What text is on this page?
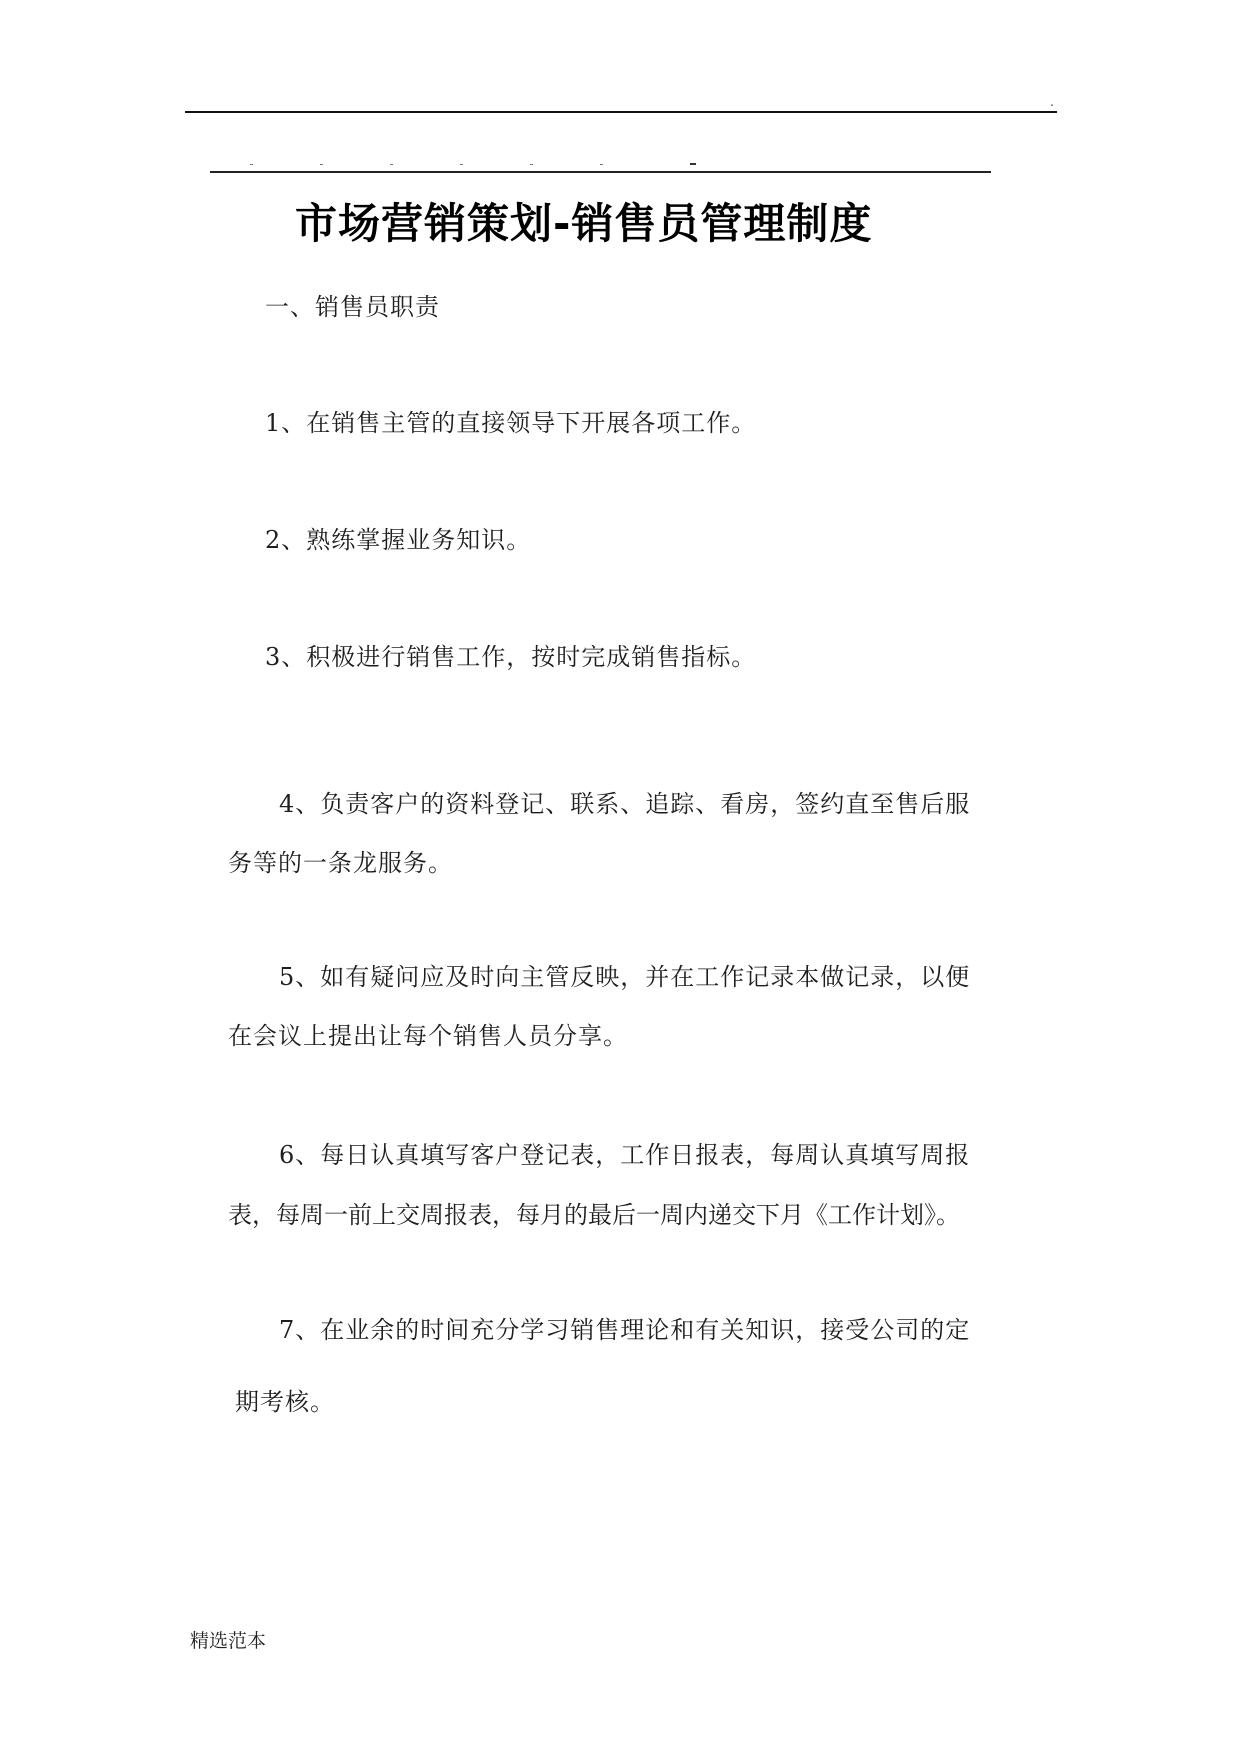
.
市场营销策划-销售员管理制度
一、销售员职责
1、在销售主管的直接领导下开展各项工作。
2、熟练掌握业务知识。
3、积极进行销售工作，按时完成销售指标。
4、负责客户的资料登记、联系、追踪、看房，签约直至售后服
务等的一条龙服务。
5、如有疑问应及时向主管反映，并在工作记录本做记录，以便
在会议上提出让每个销售人员分享。
6、每日认真填写客户登记表，工作日报表，每周认真填写周报
表，每周一前上交周报表，每月的最后一周内递交下月《工作计划》。
7、在业余的时间充分学习销售理论和有关知识，接受公司的定
期考核。
精选范本
